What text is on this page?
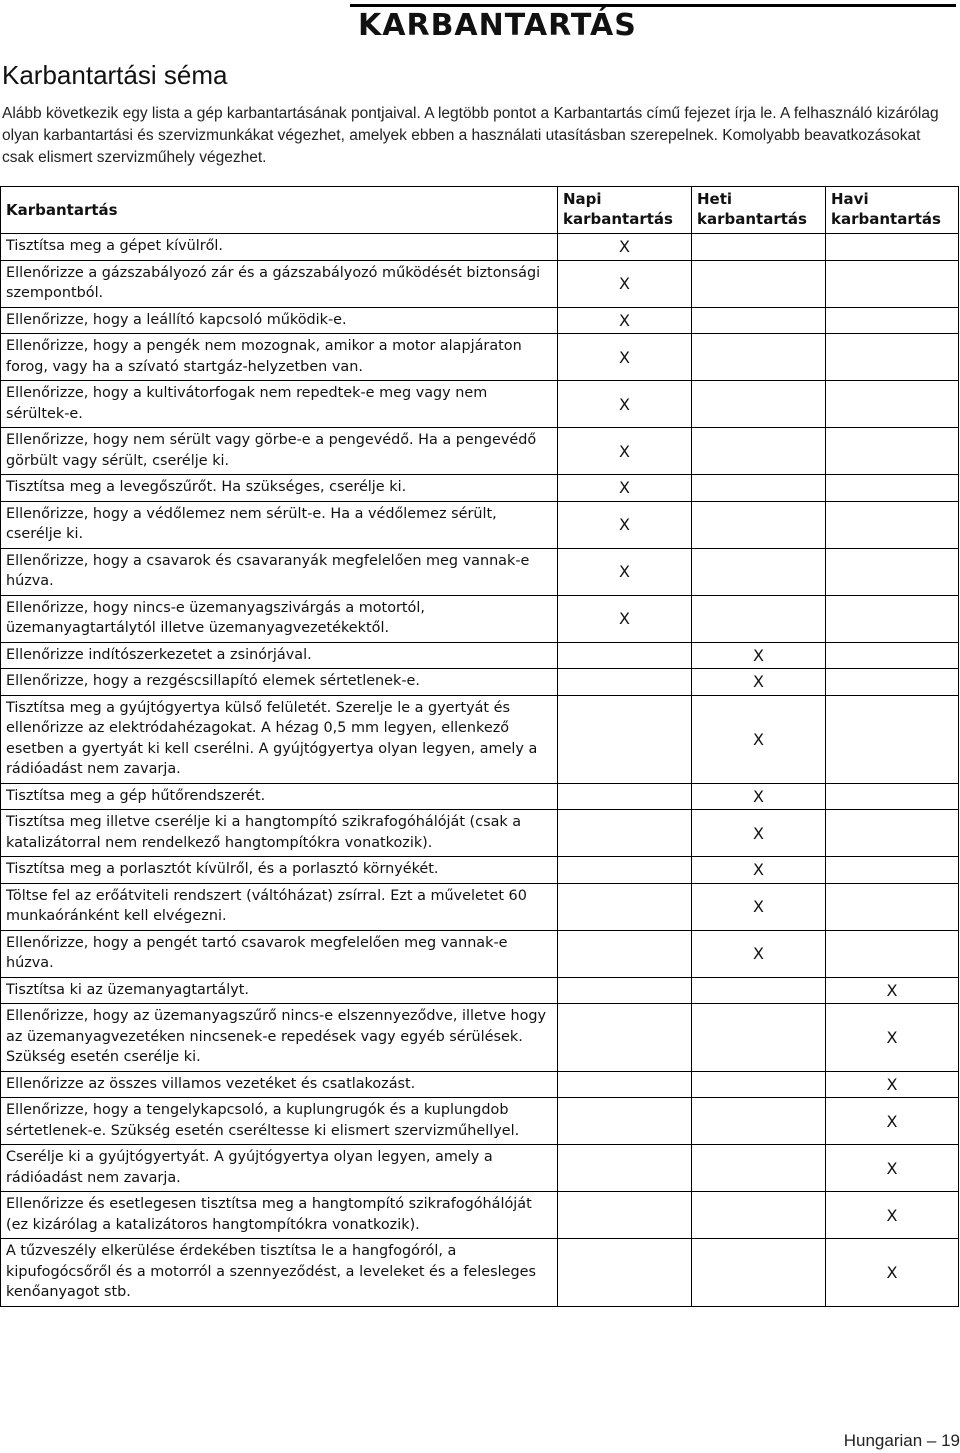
KARBANTARTÁS
Karbantartási séma

Alább következik egy lista a gép karbantartásának pontjaival. A legtöbb pontot a Karbantartás című fejezet írja le. A felhasználó kizárólag olyan karbantartási és szervizmunkákat végezhet, amelyek ebben a használati utasításban szerepelnek. Komolyabb beavatkozásokat csak elismert szervizműhely végezhet.

Karbantartás	Napi karbantartás	Heti karbantartás	Havi karbantartás
Tisztítsa meg a gépet kívülről.	X		
Ellenőrizze a gázszabályozó zár és a gázszabályozó működését biztonsági szempontból.	X		
Ellenőrizze, hogy a leállító kapcsoló működik-e.	X		
Ellenőrizze, hogy a pengék nem mozognak, amikor a motor alapjáraton forog, vagy ha a szívató startgáz-helyzetben van.	X		
Ellenőrizze, hogy a kultivátorfogak nem repedtek-e meg vagy nem sérültek-e.	X		
Ellenőrizze, hogy nem sérült vagy görbe-e a pengevédő. Ha a pengevédő görbült vagy sérült, cserélje ki.	X		
Tisztítsa meg a levegőszűrőt. Ha szükséges, cserélje ki.	X		
Ellenőrizze, hogy a védőlemez nem sérült-e. Ha a védőlemez sérült, cserélje ki.	X		
Ellenőrizze, hogy a csavarok és csavaranyák megfelelően meg vannak-e húzva.	X		
Ellenőrizze, hogy nincs-e üzemanyagszivárgás a motortól, üzemanyagtartálytól illetve üzemanyagvezetékektől.	X		
Ellenőrizze indítószerkezetet a zsinórjával.		X	
Ellenőrizze, hogy a rezgéscsillapító elemek sértetlenek-e.		X	
Tisztítsa meg a gyújtógyertya külső felületét. Szerelje le a gyertyát és ellenőrizze az elektródahézagokat. A hézag 0,5 mm legyen, ellenkező esetben a gyertyát ki kell cserélni. A gyújtógyertya olyan legyen, amely a rádióadást nem zavarja.		X	
Tisztítsa meg a gép hűtőrendszerét.		X	
Tisztítsa meg illetve cserélje ki a hangtompító szikrafogóhálóját (csak a katalizátorral nem rendelkező hangtompítókra vonatkozik).		X	
Tisztítsa meg a porlasztót kívülről, és a porlasztó környékét.		X	
Töltse fel az erőátviteli rendszert (váltóházat) zsírral. Ezt a műveletet 60 munkaóránként kell elvégezni.		X	
Ellenőrizze, hogy a pengét tartó csavarok megfelelően meg vannak-e húzva.		X	
Tisztítsa ki az üzemanyagtartályt.			X
Ellenőrizze, hogy az üzemanyagszűrő nincs-e elszennyeződve, illetve hogy az üzemanyagvezetéken nincsenek-e repedések vagy egyéb sérülések. Szükség esetén cserélje ki.			X
Ellenőrizze az összes villamos vezetéket és csatlakozást.			X
Ellenőrizze, hogy a tengelykapcsoló, a kuplungrugók és a kuplungdob sértetlenek-e. Szükség esetén cseréltesse ki elismert szervizműhellyel.			X
Cserélje ki a gyújtógyertyát. A gyújtógyertya olyan legyen, amely a rádióadást nem zavarja.			X
Ellenőrizze és esetlegesen tisztítsa meg a hangtompító szikrafogóhálóját (ez kizárólag a katalizátoros hangtompítókra vonatkozik).			X
A tűzveszély elkerülése érdekében tisztítsa le a hangfogóról, a kipufogócsőről és a motorról a szennyeződést, a leveleket és a felesleges kenőanyagot stb.			X
Hungarian – 19
